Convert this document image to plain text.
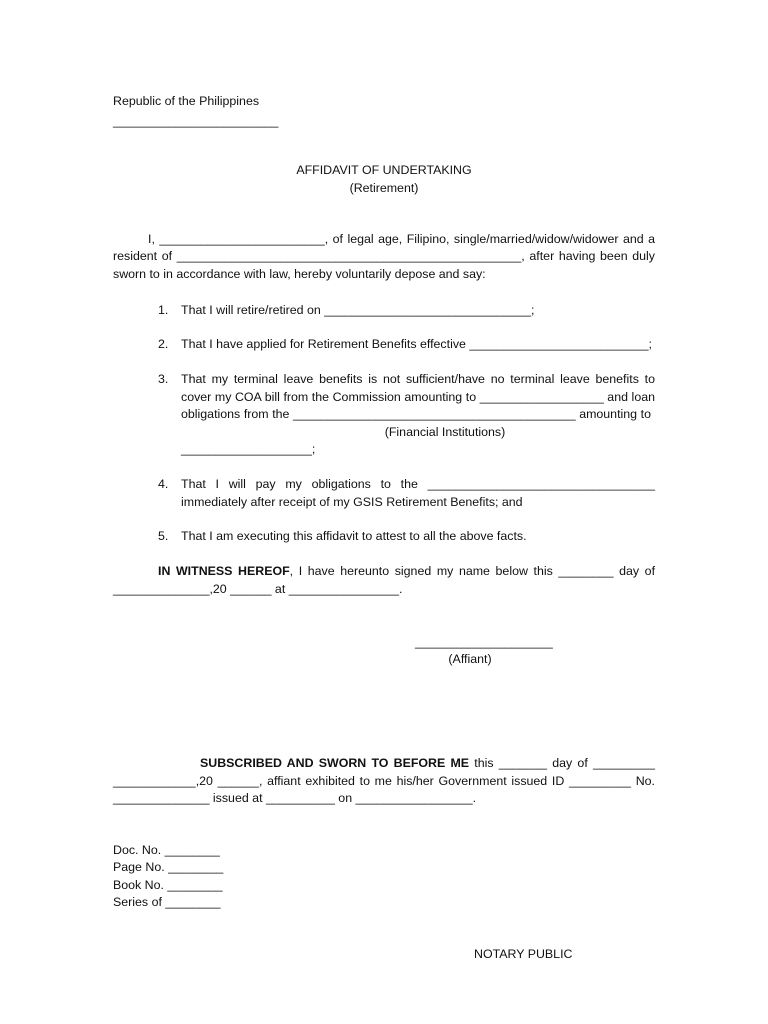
Republic of the Philippines
________________________
AFFIDAVIT OF UNDERTAKING
(Retirement)
I, ________________________, of legal age, Filipino, single/married/widow/widower and a
resident of __________________________________________________, after having been duly
sworn to in accordance with law, hereby voluntarily depose and say:
1. That I will retire/retired on ______________________________;
2. That I have applied for Retirement Benefits effective __________________________;
3. That my terminal leave benefits is not sufficient/have no terminal leave benefits to
cover my COA bill from the Commission amounting to __________________ and loan
obligations from the _________________________________________ amounting to
(Financial Institutions)
___________________;
4. That I will pay my obligations to the _________________________________
immediately after receipt of my GSIS Retirement Benefits; and
5. That I am executing this affidavit to attest to all the above facts.
IN WITNESS HEREOF, I have hereunto signed my name below this ________ day of
______________,20 ______ at ________________.
____________________
(Affiant)
SUBSCRIBED AND SWORN TO BEFORE ME this _______ day of _________
____________,20 ______, affiant exhibited to me his/her Government issued ID _________ No.
______________ issued at __________ on _________________.
Doc. No. ________
Page No. ________
Book No. ________
Series of ________
NOTARY PUBLIC
